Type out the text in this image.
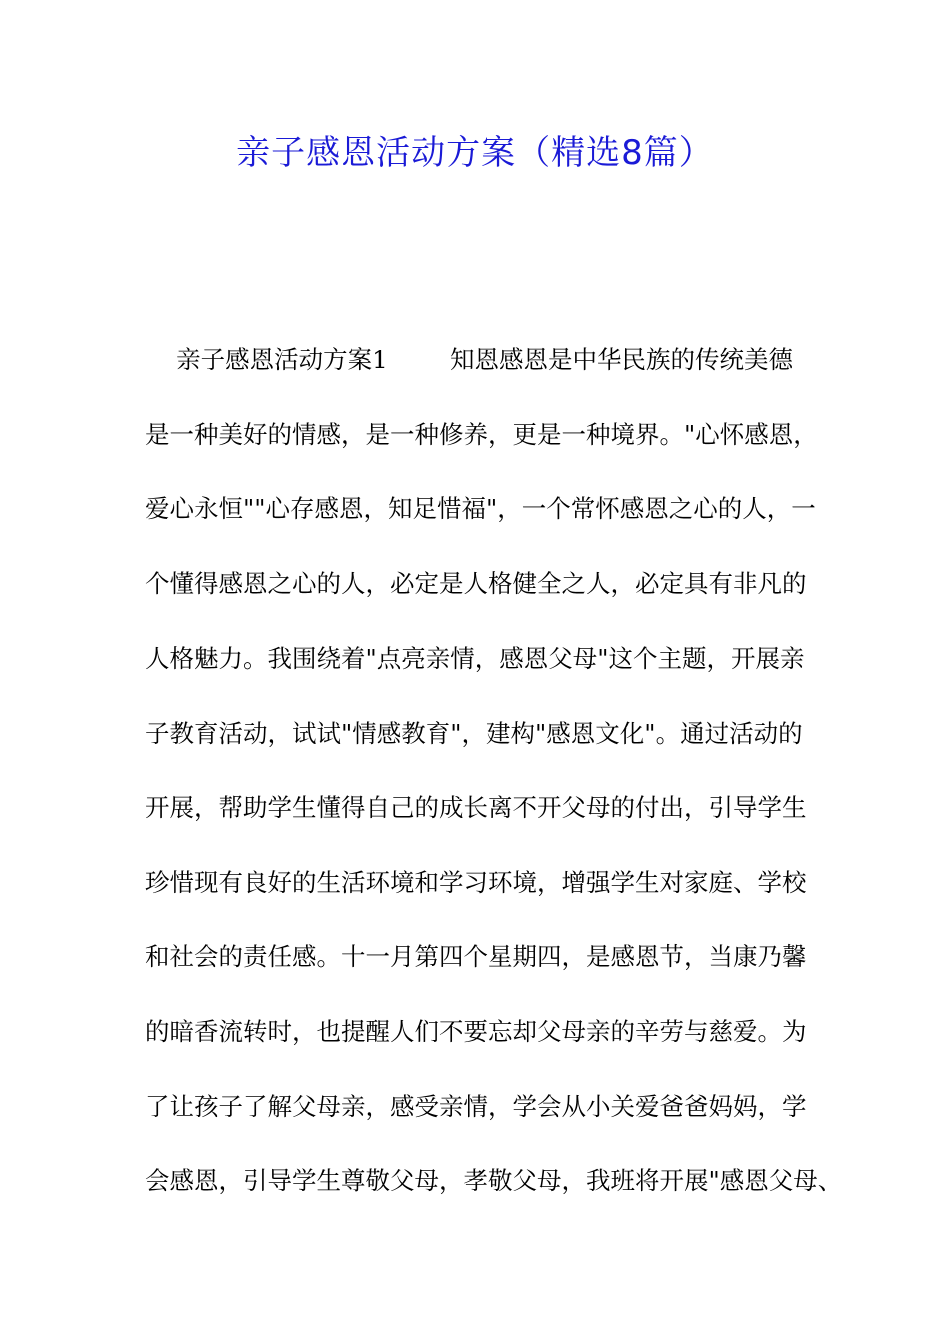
亲子感恩活动方案（精选8篇）
亲子感恩活动方案1        知恩感恩是中华民族的传统美德
是一种美好的情感，是一种修养，更是一种境界。"心怀感恩，
爱心永恒""心存感恩，知足惜福"，一个常怀感恩之心的人，一
个懂得感恩之心的人，必定是人格健全之人，必定具有非凡的
人格魅力。我围绕着"点亮亲情，感恩父母"这个主题，开展亲
子教育活动，试试"情感教育"，建构"感恩文化"。通过活动的
开展，帮助学生懂得自己的成长离不开父母的付出，引导学生
珍惜现有良好的生活环境和学习环境，增强学生对家庭、学校
和社会的责任感。十一月第四个星期四，是感恩节，当康乃馨
的暗香流转时，也提醒人们不要忘却父母亲的辛劳与慈爱。为
了让孩子了解父母亲，感受亲情，学会从小关爱爸爸妈妈，学
会感恩，引导学生尊敬父母，孝敬父母，我班将开展"感恩父母、
